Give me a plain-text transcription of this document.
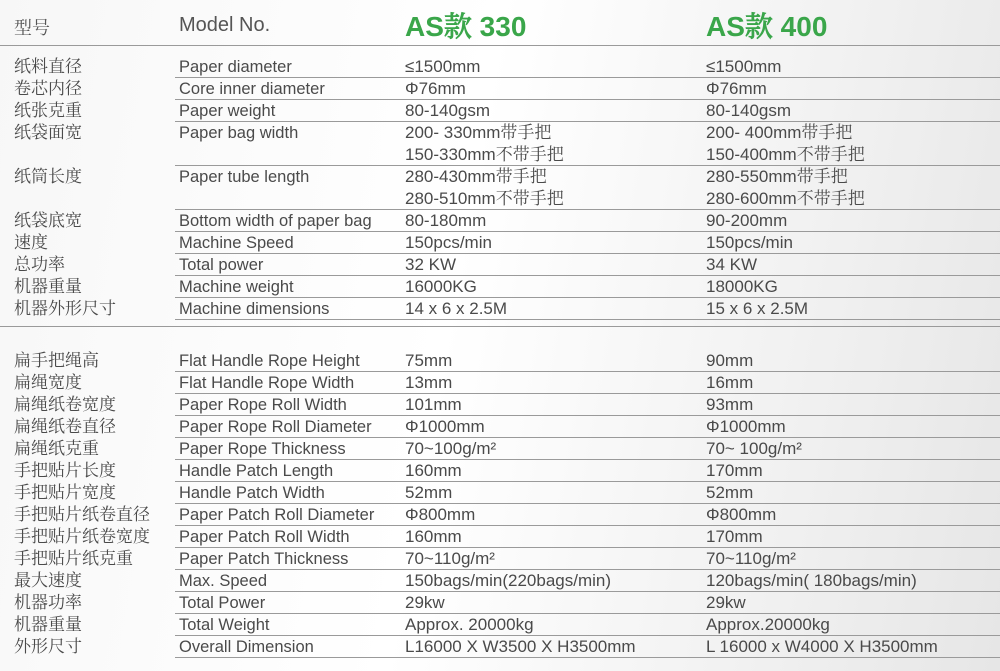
型号	Model No.	AS款 330	AS款 400
纸料直径	Paper diameter	≤1500mm	≤1500mm
卷芯内径	Core inner diameter	Φ76mm	Φ76mm
纸张克重	Paper weight	80-140gsm	80-140gsm
纸袋面宽	Paper bag width	200- 330mm带手把	200- 400mm带手把
150-330mm不带手把	150-400mm不带手把
纸筒长度	Paper tube length	280-430mm带手把	280-550mm带手把
280-510mm不带手把	280-600mm不带手把
纸袋底宽	Bottom width of paper bag 80-180mm	90-200mm
速度	Machine Speed	150pcs/min	150pcs/min
总功率	Total power	32 KW	34 KW
机器重量	Machine weight	16000KG	18000KG
机器外形尺寸	Machine dimensions	14 x 6 x 2.5M	15 x 6 x 2.5M
扁手把绳高	Flat Handle Rope Height	75mm	90mm
扁绳宽度	Flat Handle Rope Width	13mm	16mm
扁绳纸卷宽度	Paper Rope Roll Width	101mm	93mm
扁绳纸卷直径	Paper Rope Roll Diameter Φ1000mm	Φ1000mm
扁绳纸克重	Paper Rope Thickness	70~100g/m²	70~ 100g/m²
手把贴片长度	Handle Patch Length	160mm	170mm
手把贴片宽度	Handle Patch Width	52mm	52mm
手把贴片纸卷直径 Paper Patch Roll Diameter Φ800mm	Φ800mm
手把贴片纸卷宽度 Paper Patch Roll Width	160mm	170mm
手把贴片纸克重	Paper Patch Thickness	70~110g/m²	70~110g/m²
最大速度	Max. Speed	150bags/min(220bags/min)	120bags/min( 180bags/min)
机器功率	Total Power	29kw	29kw
机器重量	Total Weight	Approx. 20000kg	Approx.20000kg
外形尺寸	Overall Dimension	L16000 X W3500 X H3500mm	L 16000 x W4000 X H3500mm
